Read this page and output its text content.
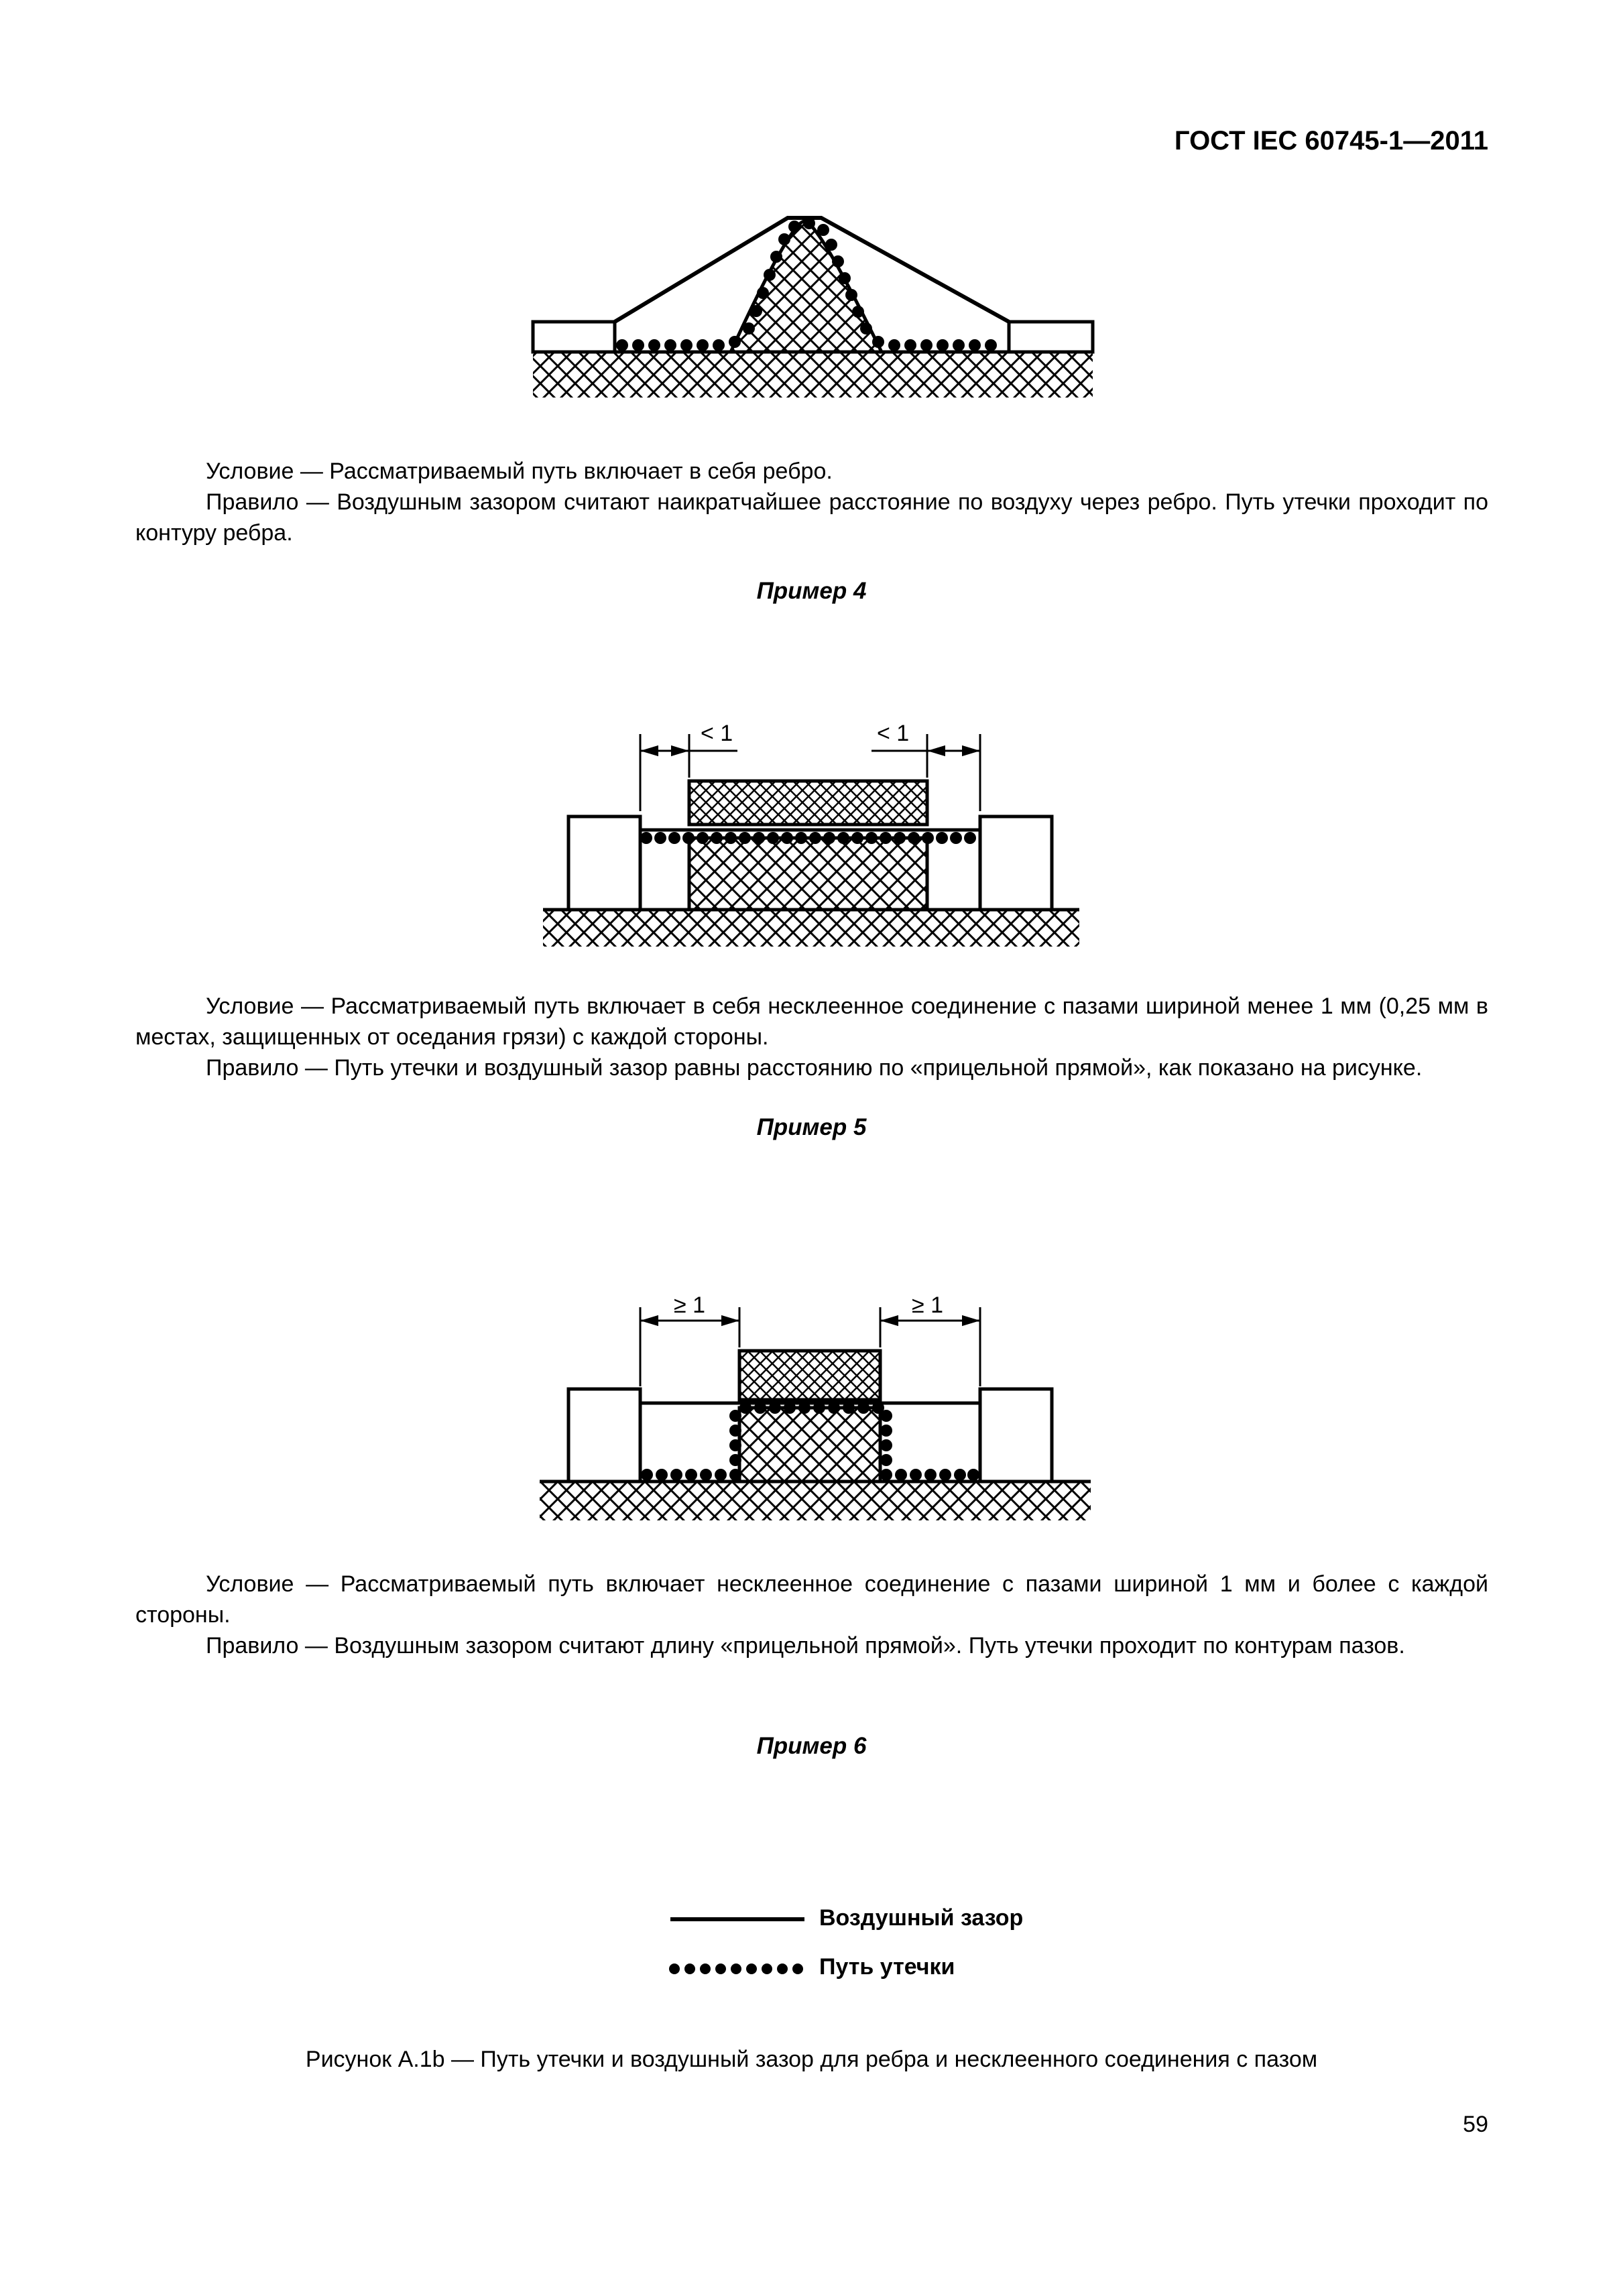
ГОСТ IEC 60745-1—2011
< 1	< 1
≥ 1	≥ 1

Условие — Рассматриваемый путь включает в себя ребро.

Правило — Воздушным зазором считают наикратчайшее расстояние по воздуху через ребро. Путь утечки проходит по контуру ребра.

Пример 4

Условие — Рассматриваемый путь включает в себя несклеенное соединение с пазами шириной менее 1 мм (0,25 мм в местах, защищенных от оседания грязи) с каждой стороны.

Правило — Путь утечки и воздушный зазор равны расстоянию по «прицельной прямой», как показано на рисунке.

Пример 5

Условие — Рассматриваемый путь включает несклеенное соединение с пазами шириной 1 мм и более с каждой стороны.

Правило — Воздушным зазором считают длину «прицельной прямой». Путь утечки проходит по контурам пазов.

Пример 6
Воздушный зазор
Путь утечки
Рисунок А.1b — Путь утечки и воздушный зазор для ребра и несклеенного соединения с пазом
59
